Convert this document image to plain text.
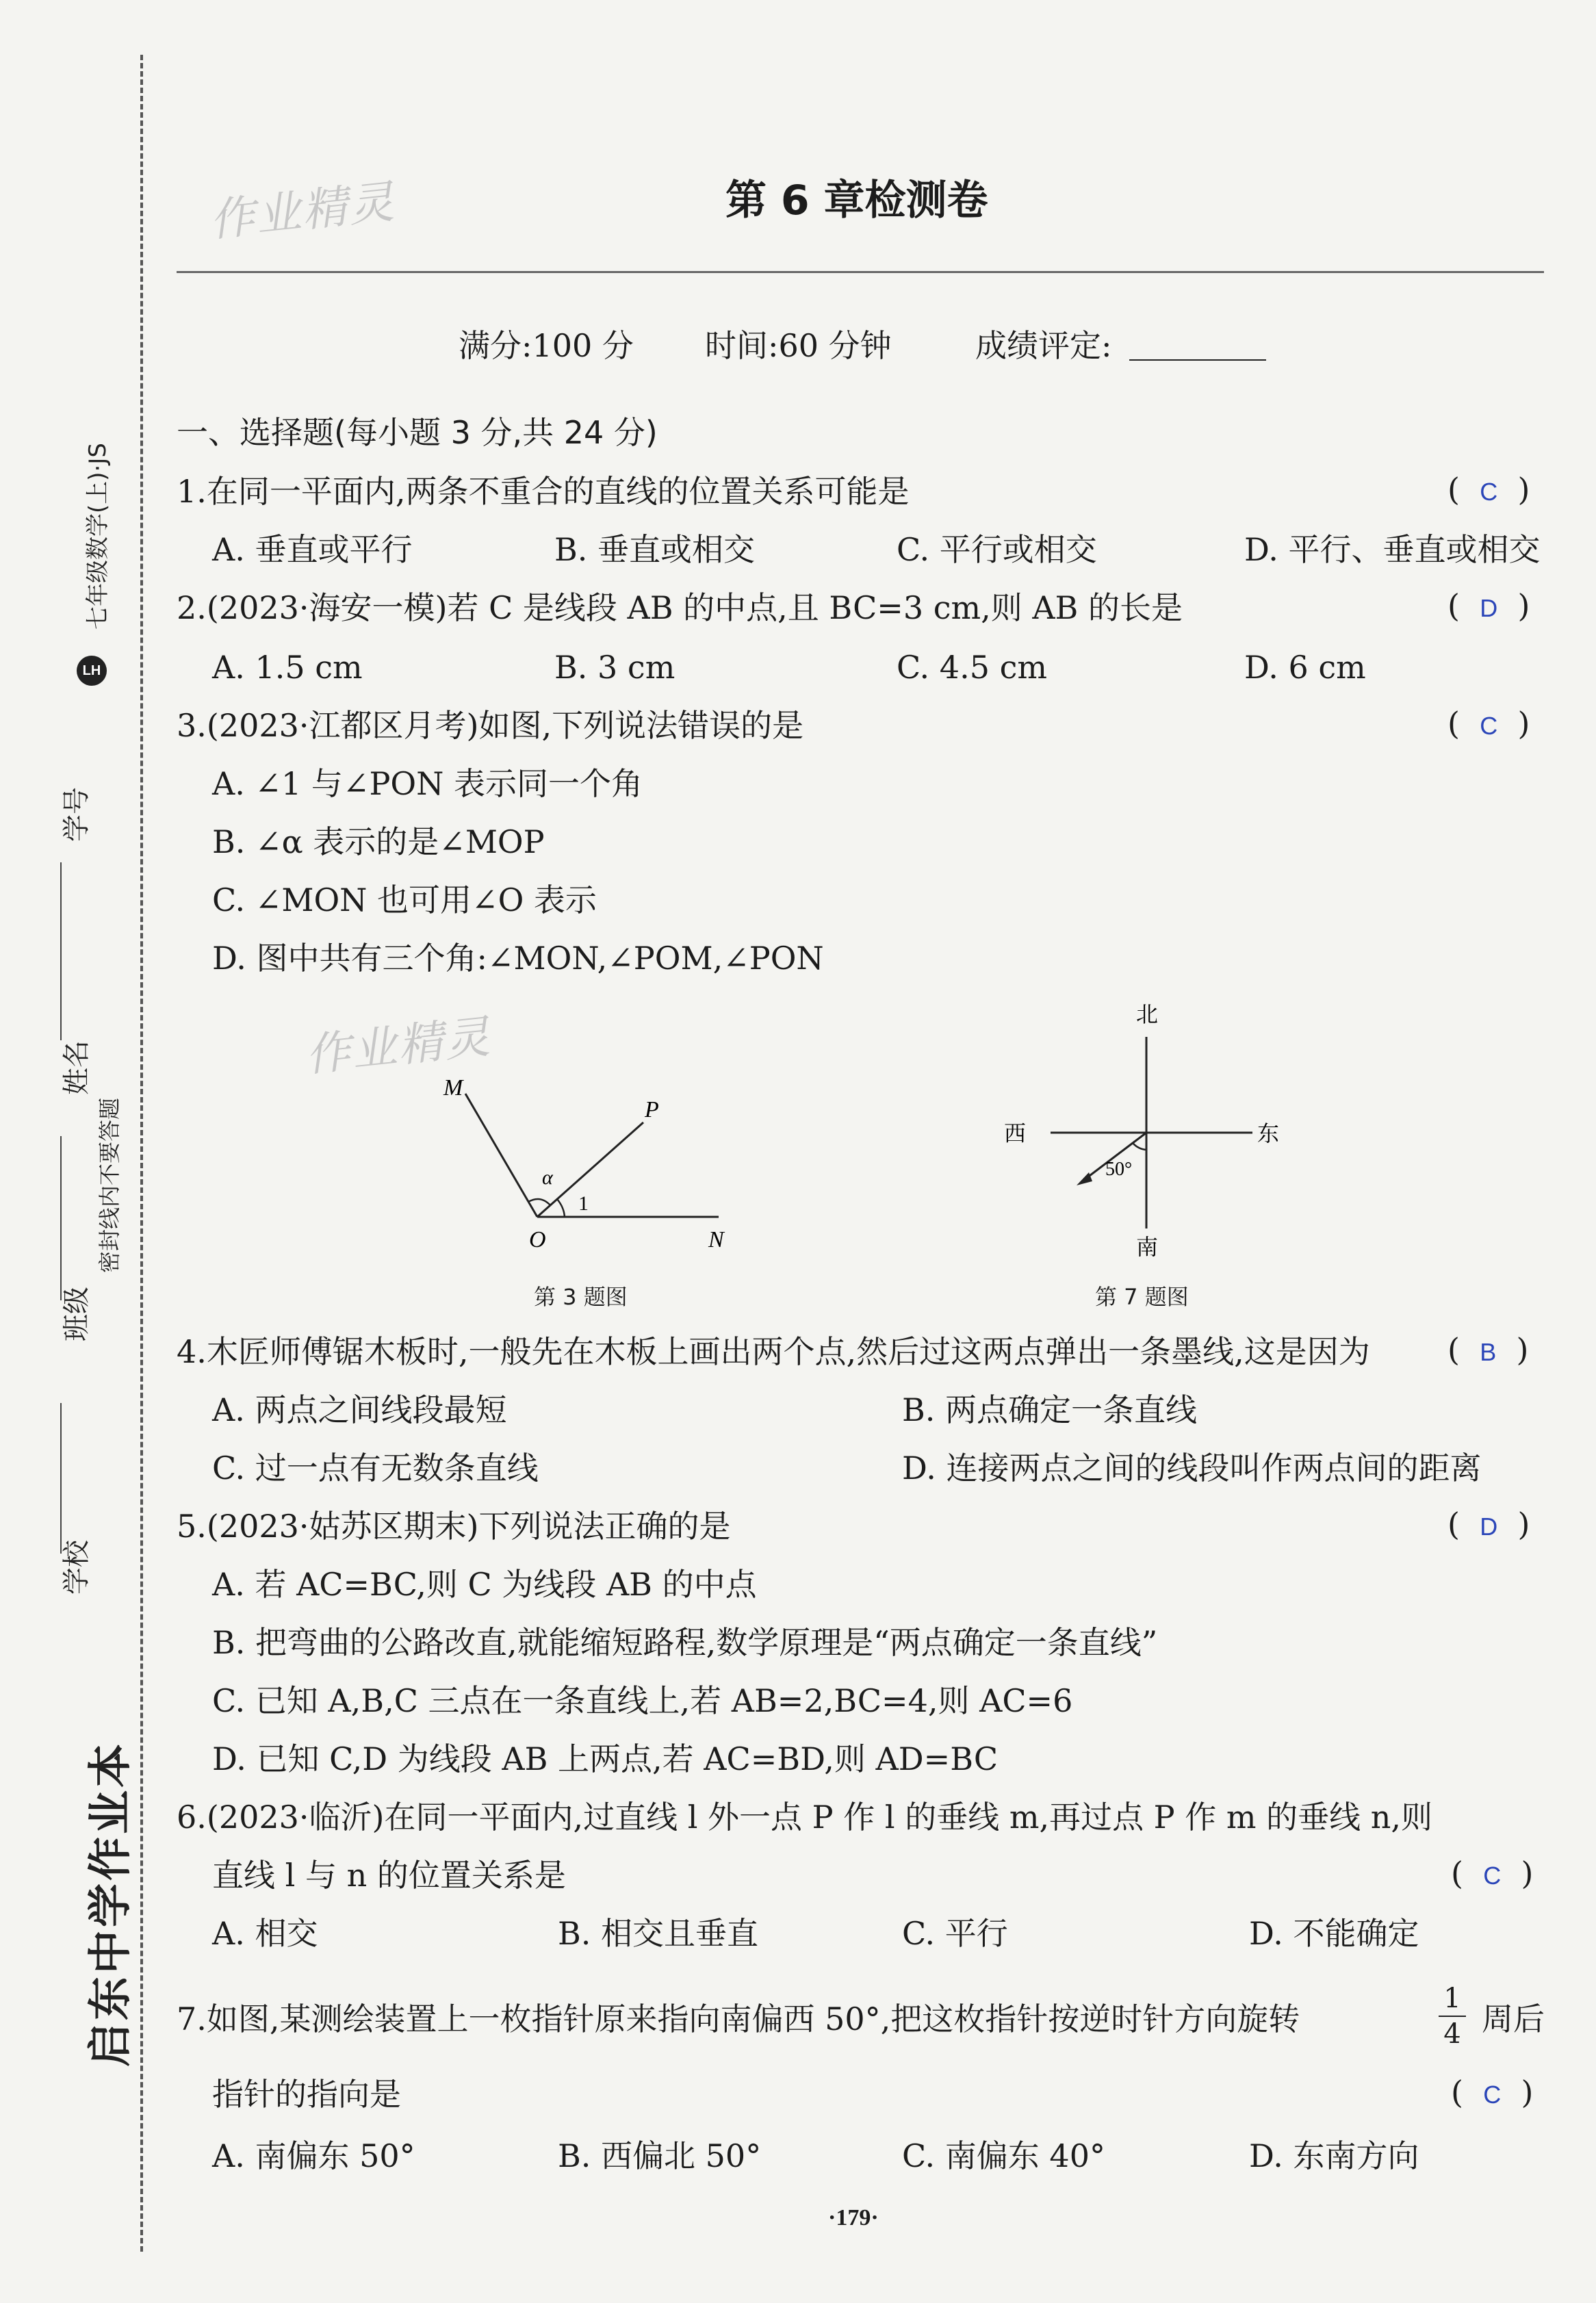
启东中学作业本
学校
班级
姓名
密封线内不要答题
学号
LH
七年级数学(上)·JS
作业精灵
作业精灵
第 6 章检测卷
满分:100 分 时间:60 分钟	成绩评定:
一、选择题(每小题 3 分,共 24 分)
1.在同一平面内,两条不重合的直线的位置关系可能是	(  C  )
A. 垂直或平行	B. 垂直或相交	C. 平行或相交	D. 平行、垂直或相交
2.(2023·海安一模)若 C 是线段 AB 的中点,且 BC=3 cm,则 AB 的长是	(  D  )
A. 1.5 cm	B. 3 cm	C. 4.5 cm	D. 6 cm
3.(2023·江都区月考)如图,下列说法错误的是	(  C  )
A. ∠1 与∠PON 表示同一个角
B. ∠α 表示的是∠MOP
C. ∠MON 也可用∠O 表示
D. 图中共有三个角:∠MON,∠POM,∠PON
M
P
O	N
α
1
第 3 题图
北
南
西	东
50°
第 7 题图
4.木匠师傅锯木板时,一般先在木板上画出两个点,然后过这两点弹出一条墨线,这是因为 (  B  )
A. 两点之间线段最短	B. 两点确定一条直线
C. 过一点有无数条直线	D. 连接两点之间的线段叫作两点间的距离
5.(2023·姑苏区期末)下列说法正确的是	(  D  )
A. 若 AC=BC,则 C 为线段 AB 的中点
B. 把弯曲的公路改直,就能缩短路程,数学原理是“两点确定一条直线”
C. 已知 A,B,C 三点在一条直线上,若 AB=2,BC=4,则 AC=6
D. 已知 C,D 为线段 AB 上两点,若 AC=BD,则 AD=BC
6.(2023·临沂)在同一平面内,过直线 l 外一点 P 作 l 的垂线 m,再过点 P 作 m 的垂线 n,则
直线 l 与 n 的位置关系是	(  C  )
A. 相交	B. 相交且垂直	C. 平行	D. 不能确定
7.如图,某测绘装置上一枚指针原来指向南偏西 50°,把这枚指针按逆时针方向旋转	$\frac{1}{4}$ 周后
指针的指向是	(  C  )
A. 南偏东 50°	B. 西偏北 50°	C. 南偏东 40°	D. 东南方向
·179·
